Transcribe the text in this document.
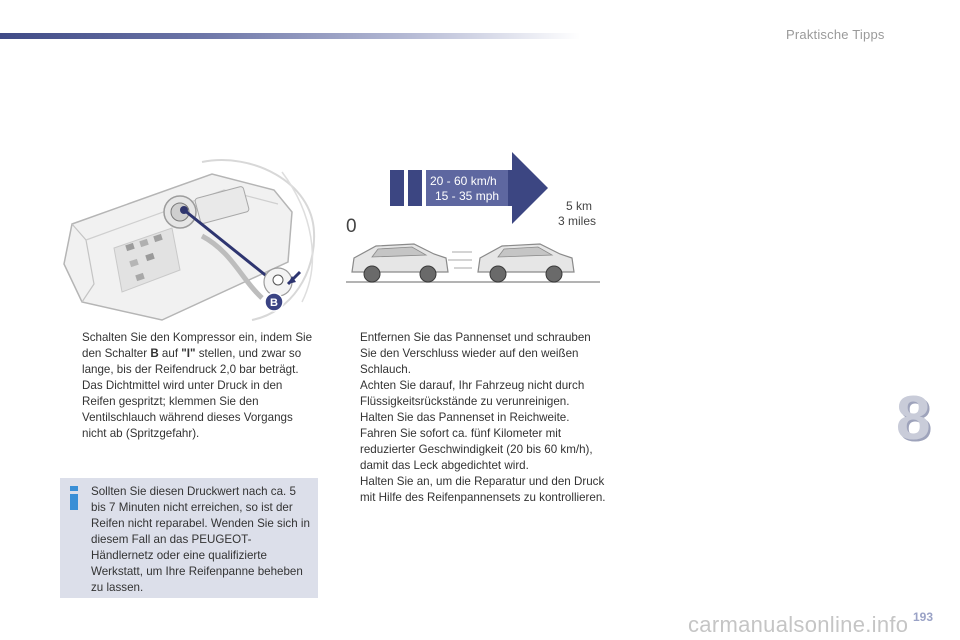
Praktische Tipps
B
20 - 60 km/h
15 - 35 mph
0
5 km
3 miles

Schalten Sie den Kompressor ein, indem Sie den Schalter B auf "I" stellen, und zwar so lange, bis der Reifendruck 2,0 bar beträgt.

Das Dichtmittel wird unter Druck in den Reifen gespritzt; klemmen Sie den Ventilschlauch während dieses Vorgangs nicht ab (Spritzgefahr).

Sollten Sie diesen Druckwert nach ca. 5 bis 7 Minuten nicht erreichen, so ist der Reifen nicht reparabel. Wenden Sie sich in diesem Fall an das PEUGEOT-Händlernetz oder eine qualifizierte Werkstatt, um Ihre Reifenpanne beheben zu lassen.

Entfernen Sie das Pannenset und schrauben Sie den Verschluss wieder auf den weißen Schlauch.

Achten Sie darauf, Ihr Fahrzeug nicht durch Flüssigkeitsrückstände zu verunreinigen.

Halten Sie das Pannenset in Reichweite.

Fahren Sie sofort ca. fünf Kilometer mit reduzierter Geschwindigkeit (20 bis 60 km/h), damit das Leck abgedichtet wird.

Halten Sie an, um die Reparatur und den Druck mit Hilfe des Reifenpannensets zu kontrollieren.

8
193
carmanualsonline.info
